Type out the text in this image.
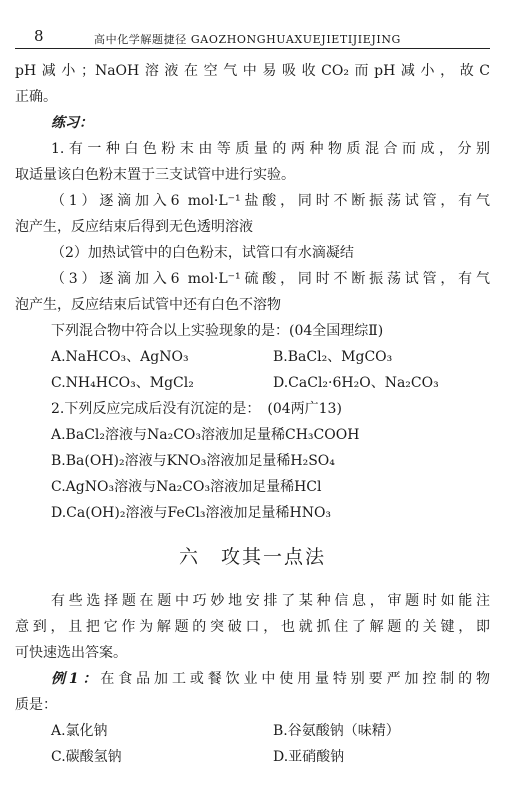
8	高中化学解题捷径 GAOZHONGHUAXUEJIETIJIEJING
pH减小；NaOH溶液在空气中易吸收CO₂而pH减小，故C
正确。
练习：
1.有一种白色粉末由等质量的两种物质混合而成，分别
取适量该白色粉末置于三支试管中进行实验。
（1）逐滴加入6 mol·L⁻¹盐酸，同时不断振荡试管，有气
泡产生，反应结束后得到无色透明溶液
（2）加热试管中的白色粉末，试管口有水滴凝结
（3）逐滴加入6 mol·L⁻¹硫酸，同时不断振荡试管，有气
泡产生，反应结束后试管中还有白色不溶物
下列混合物中符合以上实验现象的是：(04全国理综Ⅱ)
A.NaHCO₃、AgNO₃	B.BaCl₂、MgCO₃
C.NH₄HCO₃、MgCl₂	D.CaCl₂·6H₂O、Na₂CO₃
2.下列反应完成后没有沉淀的是：　(04两广13)
A.BaCl₂溶液与Na₂CO₃溶液加足量稀CH₃COOH
B.Ba(OH)₂溶液与KNO₃溶液加足量稀H₂SO₄
C.AgNO₃溶液与Na₂CO₃溶液加足量稀HCl
D.Ca(OH)₂溶液与FeCl₃溶液加足量稀HNO₃
六　攻其一点法
有些选择题在题中巧妙地安排了某种信息，审题时如能注
意到，且把它作为解题的突破口，也就抓住了解题的关键，即
可快速选出答案。
例1：在食品加工或餐饮业中使用量特别要严加控制的物
质是：
A.氯化钠	B.谷氨酸钠（味精）
C.碳酸氢钠	D.亚硝酸钠
